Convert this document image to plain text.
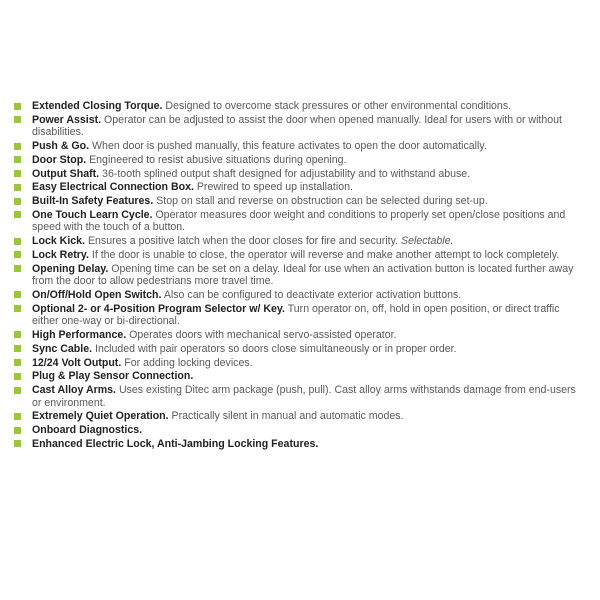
Extended Closing Torque. Designed to overcome stack pressures or other environmental conditions.
Power Assist. Operator can be adjusted to assist the door when opened manually. Ideal for users with or without disabilities.
Push & Go. When door is pushed manually, this feature activates to open the door automatically.
Door Stop. Engineered to resist abusive situations during opening.
Output Shaft. 36-tooth splined output shaft designed for adjustability and to withstand abuse.
Easy Electrical Connection Box. Prewired to speed up installation.
Built-In Safety Features. Stop on stall and reverse on obstruction can be selected during set-up.
One Touch Learn Cycle. Operator measures door weight and conditions to properly set open/close positions and speed with the touch of a button.
Lock Kick. Ensures a positive latch when the door closes for fire and security. Selectable.
Lock Retry. If the door is unable to close, the operator will reverse and make another attempt to lock completely.
Opening Delay. Opening time can be set on a delay. Ideal for use when an activation button is located further away from the door to allow pedestrians more travel time.
On/Off/Hold Open Switch. Also can be configured to deactivate exterior activation buttons.
Optional 2- or 4-Position Program Selector w/ Key. Turn operator on, off, hold in open position, or direct traffic either one-way or bi-directional.
High Performance. Operates doors with mechanical servo-assisted operator.
Sync Cable. Included with pair operators so doors close simultaneously or in proper order.
12/24 Volt Output. For adding locking devices.
Plug & Play Sensor Connection.
Cast Alloy Arms. Uses existing Ditec arm package (push, pull). Cast alloy arms withstands damage from end-users or environment.
Extremely Quiet Operation. Practically silent in manual and automatic modes.
Onboard Diagnostics.
Enhanced Electric Lock, Anti-Jambing Locking Features.
